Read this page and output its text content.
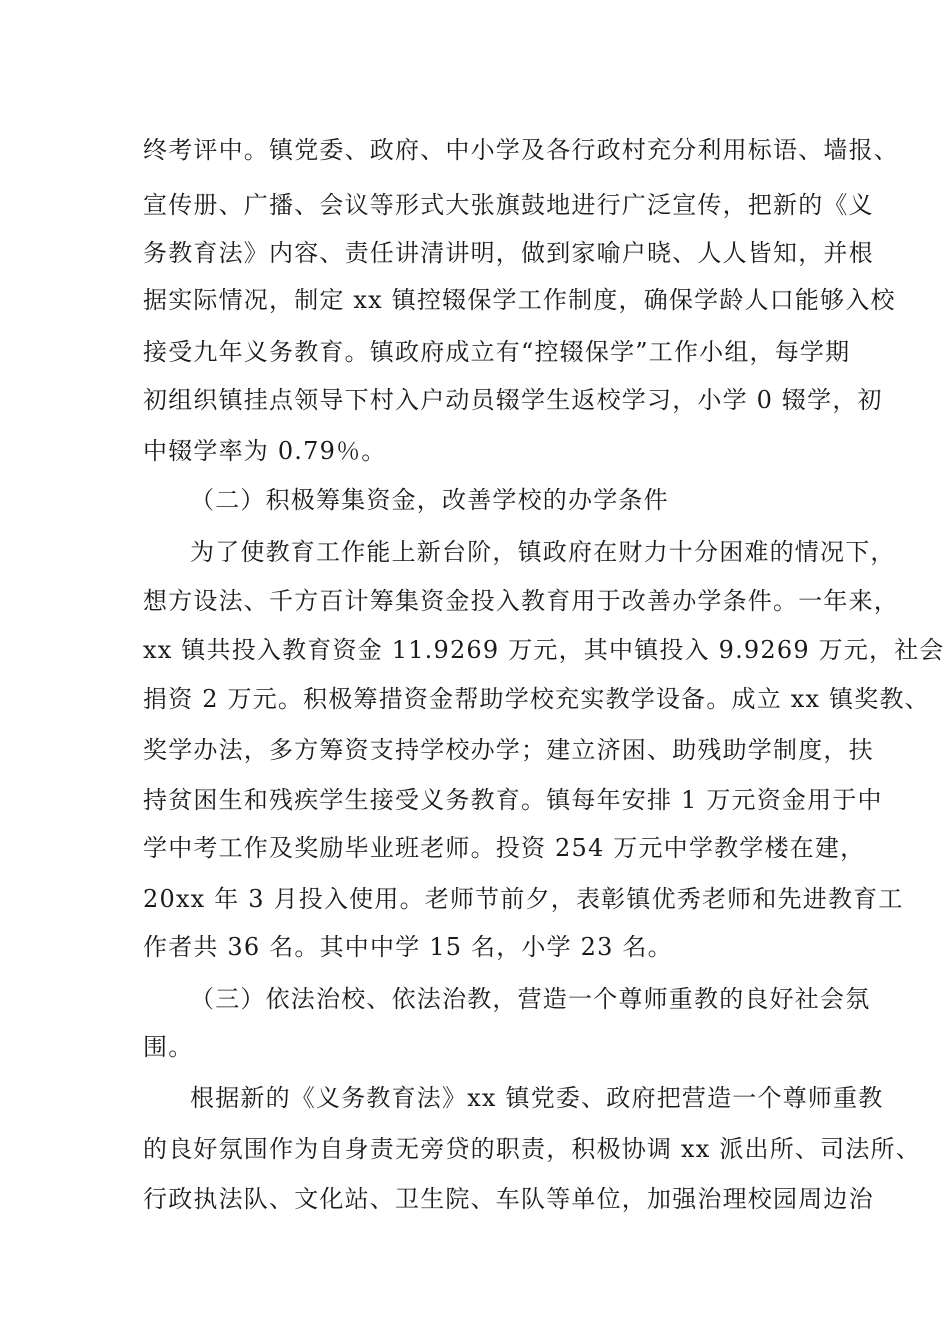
终考评中。镇党委、政府、中小学及各行政村充分利用标语、墙报、
宣传册、广播、会议等形式大张旗鼓地进行广泛宣传，把新的《义
务教育法》内容、责任讲清讲明，做到家喻户晓、人人皆知，并根
据实际情况，制定 xx 镇控辍保学工作制度，确保学龄人口能够入校
接受九年义务教育。镇政府成立有“控辍保学”工作小组，每学期
初组织镇挂点领导下村入户动员辍学生返校学习，小学 0 辍学，初
中辍学率为 0.79％。
（二）积极筹集资金，改善学校的办学条件
为了使教育工作能上新台阶，镇政府在财力十分困难的情况下，
想方设法、千方百计筹集资金投入教育用于改善办学条件。一年来，
xx 镇共投入教育资金 11.9269 万元，其中镇投入 9.9269 万元，社会
捐资 2 万元。积极筹措资金帮助学校充实教学设备。成立 xx 镇奖教、
奖学办法，多方筹资支持学校办学；建立济困、助残助学制度，扶
持贫困生和残疾学生接受义务教育。镇每年安排 1 万元资金用于中
学中考工作及奖励毕业班老师。投资 254 万元中学教学楼在建，
20xx 年 3 月投入使用。老师节前夕，表彰镇优秀老师和先进教育工
作者共 36 名。其中中学 15 名，小学 23 名。
（三）依法治校、依法治教，营造一个尊师重教的良好社会氛
围。
根据新的《义务教育法》xx 镇党委、政府把营造一个尊师重教
的良好氛围作为自身责无旁贷的职责，积极协调 xx 派出所、司法所、
行政执法队、文化站、卫生院、车队等单位，加强治理校园周边治
